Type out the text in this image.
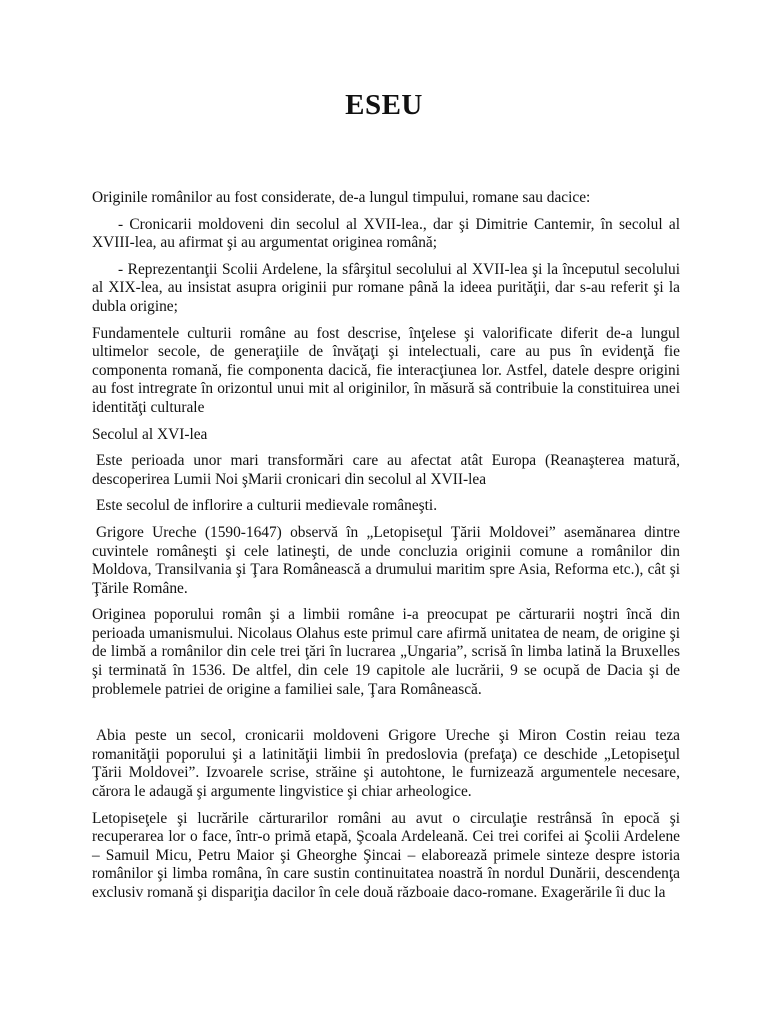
ESEU

Originile românilor au fost considerate, de-a lungul timpului, romane sau dacice:

- Cronicarii moldoveni din secolul al XVII-lea., dar şi Dimitrie Cantemir, în secolul al XVIII-lea, au afirmat şi au argumentat originea română;

- Reprezentanţii Scolii Ardelene, la sfârşitul secolului al XVII-lea şi la începutul secolului al XIX-lea, au insistat asupra originii pur romane până la ideea purităţii, dar s-au referit şi la dubla origine;

Fundamentele culturii române au fost descrise, înţelese şi valorificate diferit de-a lungul ultimelor secole, de generaţiile de învăţaţi şi intelectuali, care au pus în evidenţă fie componenta romană, fie componenta dacică, fie interacţiunea lor. Astfel, datele despre origini au fost intregrate în orizontul unui mit al originilor, în măsură să contribuie la constituirea unei identităţi culturale

Secolul al XVI-lea

Este perioada unor mari transformări care au afectat atât Europa (Reanaşterea matură, descoperirea Lumii Noi şMarii cronicari din secolul al XVII-lea

Este secolul de inflorire a culturii medievale româneşti.

Grigore Ureche (1590-1647) observă în „Letopiseţul Ţării Moldovei” asemănarea dintre cuvintele româneşti şi cele latineşti, de unde concluzia originii comune a românilor din Moldova, Transilvania şi Ţara Românească a drumului maritim spre Asia, Reforma etc.), cât şi Ţările Române.

Originea poporului român şi a limbii române i-a preocupat pe cărturarii noştri încă din perioada umanismului. Nicolaus Olahus este primul care afirmă unitatea de neam, de origine şi de limbă a românilor din cele trei ţări în lucrarea „Ungaria”, scrisă în limba latină la Bruxelles şi terminată în 1536. De altfel, din cele 19 capitole ale lucrării, 9 se ocupă de Dacia şi de problemele patriei de origine a familiei sale, Ţara Românească.

Abia peste un secol, cronicarii moldoveni Grigore Ureche şi Miron Costin reiau teza romanităţii poporului şi a latinităţii limbii în predoslovia (prefaţa) ce deschide „Letopiseţul Ţării Moldovei”. Izvoarele scrise, străine şi autohtone, le furnizează argumentele necesare, cărora le adaugă şi argumente lingvistice şi chiar arheologice.

Letopiseţele şi lucrările cărturarilor români au avut o circulaţie restrânsă în epocă şi recuperarea lor o face, într-o primă etapă, Şcoala Ardeleană. Cei trei corifei ai Şcolii Ardelene – Samuil Micu, Petru Maior şi Gheorghe Şincai – elaborează primele sinteze despre istoria românilor şi limba româna, în care sustin continuitatea noastră în nordul Dunării, descendenţa exclusiv romană şi dispariţia dacilor în cele două războaie daco-romane. Exagerările îi duc la
